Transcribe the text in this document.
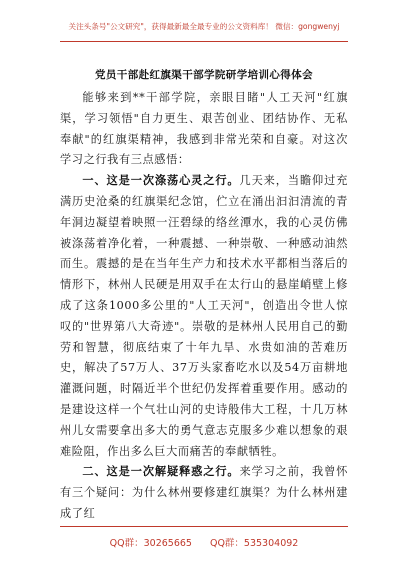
关注头条号"公文研究"，获得最新最全最专业的公文资料库！ 微信：gongwenyj
党员干部赴红旗渠干部学院研学培训心得体会

能够来到**干部学院，亲眼目睹"人工天河"红旗渠，学习领悟"自力更生、艰苦创业、团结协作、无私奉献"的红旗渠精神，我感到非常光荣和自豪。对这次学习之行我有三点感悟：

一、这是一次涤荡心灵之行。几天来，当瞻仰过充满历史沧桑的红旗渠纪念馆，伫立在涌出汩汩清流的青年洞边凝望着映照一汪碧绿的络丝潭水，我的心灵仿佛被涤荡着净化着，一种震撼、一种崇敬、一种感动油然而生。震撼的是在当年生产力和技术水平都相当落后的情形下，林州人民硬是用双手在太行山的悬崖峭壁上修成了这条1000多公里的"人工天河"，创造出令世人惊叹的"世界第八大奇迹"。崇敬的是林州人民用自己的勤劳和智慧，彻底结束了十年九旱、水贵如油的苦难历史，解决了57万人、37万头家畜吃水以及54万亩耕地灌溉问题，时隔近半个世纪仍发挥着重要作用。感动的是建设这样一个气壮山河的史诗般伟大工程，十几万林州儿女需要拿出多大的勇气意志克服多少难以想象的艰难险阻，作出多么巨大而痛苦的奉献牺牲。

二、这是一次解疑释惑之行。来学习之前，我曾怀有三个疑问：为什么林州要修建红旗渠？为什么林州建成了红

QQ群：30265665 QQ群：535304092
